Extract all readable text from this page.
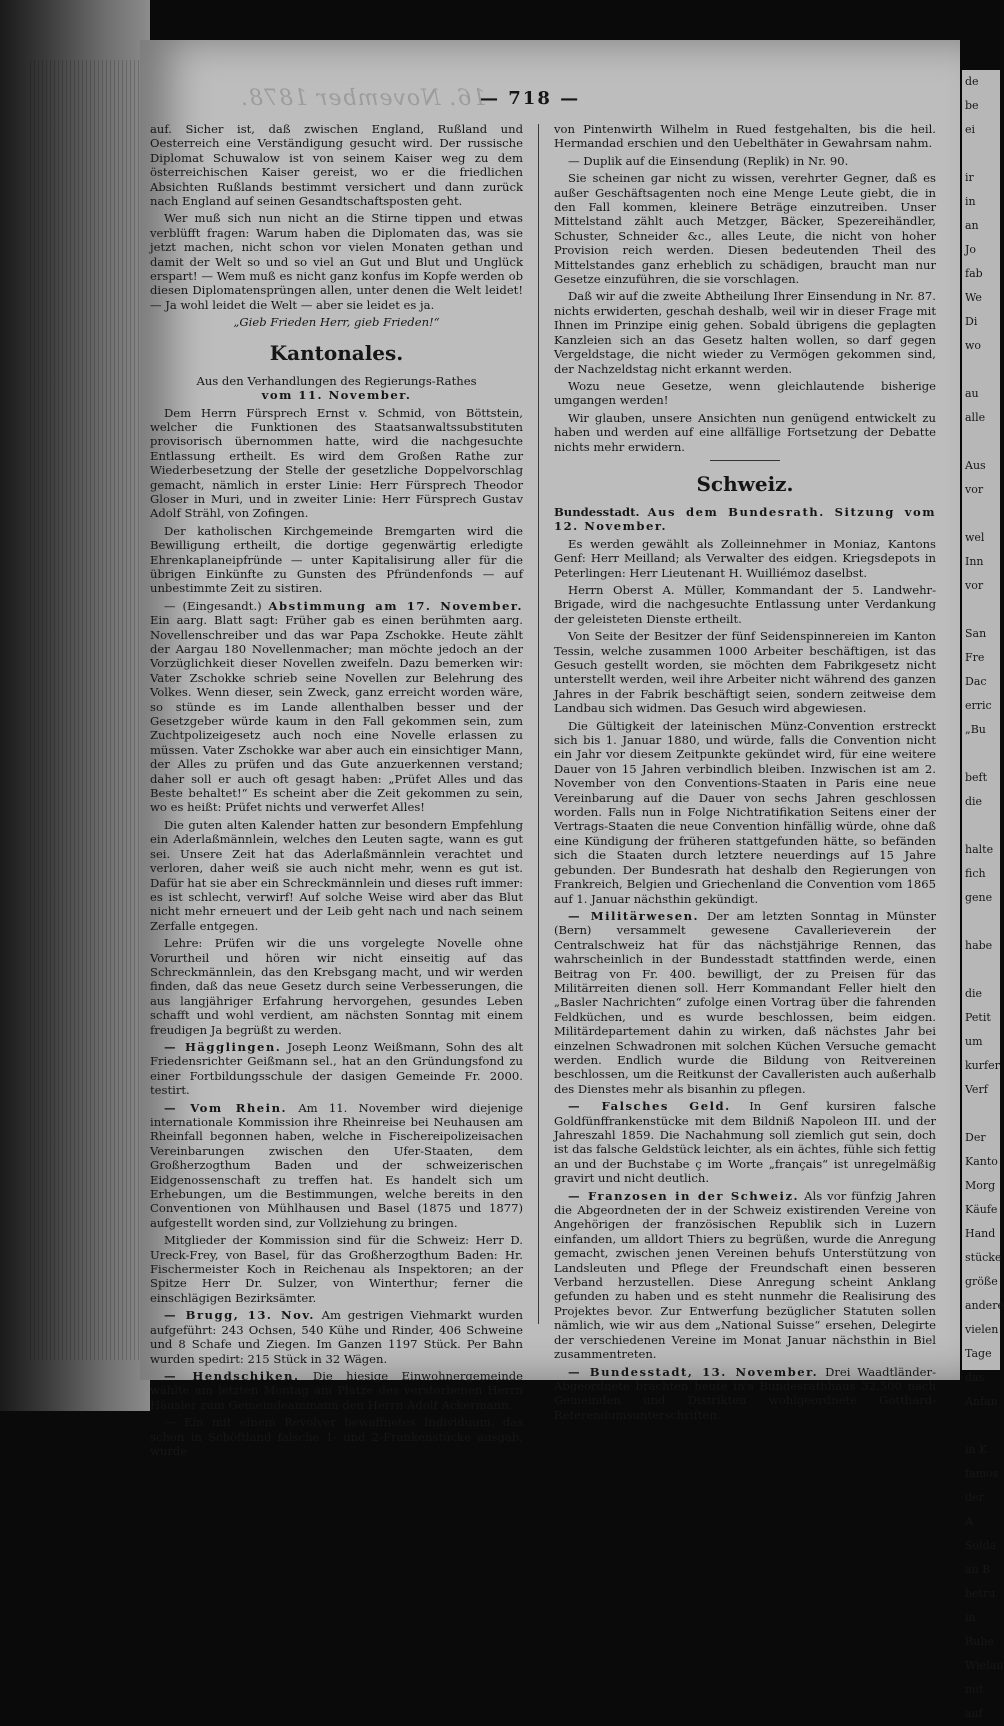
16. November 1878.
— 718 —

auf. Sicher ist, daß zwischen England, Rußland und Oesterreich eine Verständigung gesucht wird. Der russische Diplomat Schuwalow ist von seinem Kaiser weg zu dem österreichischen Kaiser gereist, wo er die friedlichen Absichten Rußlands bestimmt versichert und dann zurück nach England auf seinen Gesandtschaftsposten geht.

Wer muß sich nun nicht an die Stirne tippen und etwas verblüfft fragen: Warum haben die Diplomaten das, was sie jetzt machen, nicht schon vor vielen Monaten gethan und damit der Welt so und so viel an Gut und Blut und Unglück erspart! — Wem muß es nicht ganz konfus im Kopfe werden ob diesen Diplomatensprüngen allen, unter denen die Welt leidet! — Ja wohl leidet die Welt — aber sie leidet es ja.

„Gieb Frieden Herr, gieb Frieden!“

Kantonales.

Aus den Verhandlungen des Regierungs-Rathes
vom 11. November.

Dem Herrn Fürsprech Ernst v. Schmid, von Böttstein, welcher die Funktionen des Staatsanwaltssubstituten provisorisch übernommen hatte, wird die nachgesuchte Entlassung ertheilt. Es wird dem Großen Rathe zur Wiederbesetzung der Stelle der gesetzliche Doppelvorschlag gemacht, nämlich in erster Linie: Herr Fürsprech Theodor Gloser in Muri, und in zweiter Linie: Herr Fürsprech Gustav Adolf Strähl, von Zofingen.

Der katholischen Kirchgemeinde Bremgarten wird die Bewilligung ertheilt, die dortige gegenwärtig erledigte Ehrenkaplaneipfründe — unter Kapitalisirung aller für die übrigen Einkünfte zu Gunsten des Pfründenfonds — auf unbestimmte Zeit zu sistiren.

— (Eingesandt.) Abstimmung am 17. November. Ein aarg. Blatt sagt: Früher gab es einen berühmten aarg. Novellenschreiber und das war Papa Zschokke. Heute zählt der Aargau 180 Novellenmacher; man möchte jedoch an der Vorzüglichkeit dieser Novellen zweifeln. Dazu bemerken wir: Vater Zschokke schrieb seine Novellen zur Belehrung des Volkes. Wenn dieser, sein Zweck, ganz erreicht worden wäre, so stünde es im Lande allenthalben besser und der Gesetzgeber würde kaum in den Fall gekommen sein, zum Zuchtpolizeigesetz auch noch eine Novelle erlassen zu müssen. Vater Zschokke war aber auch ein einsichtiger Mann, der Alles zu prüfen und das Gute anzuerkennen verstand; daher soll er auch oft gesagt haben: „Prüfet Alles und das Beste behaltet!“ Es scheint aber die Zeit gekommen zu sein, wo es heißt: Prüfet nichts und verwerfet Alles!

Die guten alten Kalender hatten zur besondern Empfehlung ein Aderlaßmännlein, welches den Leuten sagte, wann es gut sei. Unsere Zeit hat das Aderlaßmännlein verachtet und verloren, daher weiß sie auch nicht mehr, wenn es gut ist. Dafür hat sie aber ein Schreckmännlein und dieses ruft immer: es ist schlecht, verwirf! Auf solche Weise wird aber das Blut nicht mehr erneuert und der Leib geht nach und nach seinem Zerfalle entgegen.

Lehre: Prüfen wir die uns vorgelegte Novelle ohne Vorurtheil und hören wir nicht einseitig auf das Schreckmännlein, das den Krebsgang macht, und wir werden finden, daß das neue Gesetz durch seine Verbesserungen, die aus langjähriger Erfahrung hervorgehen, gesundes Leben schafft und wohl verdient, am nächsten Sonntag mit einem freudigen Ja begrüßt zu werden.

— Hägglingen. Joseph Leonz Weißmann, Sohn des alt Friedensrichter Geißmann sel., hat an den Gründungsfond zu einer Fortbildungsschule der dasigen Gemeinde Fr. 2000. testirt.

— Vom Rhein. Am 11. November wird diejenige internationale Kommission ihre Rheinreise bei Neuhausen am Rheinfall begonnen haben, welche in Fischereipolizeisachen Vereinbarungen zwischen den Ufer-Staaten, dem Großherzogthum Baden und der schweizerischen Eidgenossenschaft zu treffen hat. Es handelt sich um Erhebungen, um die Bestimmungen, welche bereits in den Conventionen von Mühlhausen und Basel (1875 und 1877) aufgestellt worden sind, zur Vollziehung zu bringen.

Mitglieder der Kommission sind für die Schweiz: Herr D. Ureck-Frey, von Basel, für das Großherzogthum Baden: Hr. Fischermeister Koch in Reichenau als Inspektoren; an der Spitze Herr Dr. Sulzer, von Winterthur; ferner die einschlägigen Bezirksämter.

— Brugg, 13. Nov. Am gestrigen Viehmarkt wurden aufgeführt: 243 Ochsen, 540 Kühe und Rinder, 406 Schweine und 8 Schafe und Ziegen. Im Ganzen 1197 Stück. Per Bahn wurden spedirt: 215 Stück in 32 Wägen.

— Hendschiken. Die hiesige Einwohnergemeinde wählte am letzten Montag am Platze des verstorbenen Herrn Häusler zum Gemeindeammann den Herrn Adolf Ackermann.

— Ein mit einem Revolver bewaffnetes Individuum, das schon in Schöftland falsche 1- und 2-Frankenstücke ausgab, wurde

von Pintenwirth Wilhelm in Rued festgehalten, bis die heil. Hermandad erschien und den Uebelthäter in Gewahrsam nahm.

— Duplik auf die Einsendung (Replik) in Nr. 90.

Sie scheinen gar nicht zu wissen, verehrter Gegner, daß es außer Geschäftsagenten noch eine Menge Leute giebt, die in den Fall kommen, kleinere Beträge einzutreiben. Unser Mittelstand zählt auch Metzger, Bäcker, Spezereihändler, Schuster, Schneider &c., alles Leute, die nicht von hoher Provision reich werden. Diesen bedeutenden Theil des Mittelstandes ganz erheblich zu schädigen, braucht man nur Gesetze einzuführen, die sie vorschlagen.

Daß wir auf die zweite Abtheilung Ihrer Einsendung in Nr. 87. nichts erwiderten, geschah deshalb, weil wir in dieser Frage mit Ihnen im Prinzipe einig gehen. Sobald übrigens die geplagten Kanzleien sich an das Gesetz halten wollen, so darf gegen Vergeldstage, die nicht wieder zu Vermögen gekommen sind, der Nachzeldstag nicht erkannt werden.

Wozu neue Gesetze, wenn gleichlautende bisherige umgangen werden!

Wir glauben, unsere Ansichten nun genügend entwickelt zu haben und werden auf eine allfällige Fortsetzung der Debatte nichts mehr erwidern.

Schweiz.

Bundesstadt. Aus dem Bundesrath. Sitzung vom 12. November.

Es werden gewählt als Zolleinnehmer in Moniaz, Kantons Genf: Herr Meilland; als Verwalter des eidgen. Kriegsdepots in Peterlingen: Herr Lieutenant H. Wuilliémoz daselbst.

Herrn Oberst A. Müller, Kommandant der 5. Landwehr-Brigade, wird die nachgesuchte Entlassung unter Verdankung der geleisteten Dienste ertheilt.

Von Seite der Besitzer der fünf Seidenspinnereien im Kanton Tessin, welche zusammen 1000 Arbeiter beschäftigen, ist das Gesuch gestellt worden, sie möchten dem Fabrikgesetz nicht unterstellt werden, weil ihre Arbeiter nicht während des ganzen Jahres in der Fabrik beschäftigt seien, sondern zeitweise dem Landbau sich widmen. Das Gesuch wird abgewiesen.

Die Gültigkeit der lateinischen Münz-Convention erstreckt sich bis 1. Januar 1880, und würde, falls die Convention nicht ein Jahr vor diesem Zeitpunkte gekündet wird, für eine weitere Dauer von 15 Jahren verbindlich bleiben. Inzwischen ist am 2. November von den Conventions-Staaten in Paris eine neue Vereinbarung auf die Dauer von sechs Jahren geschlossen worden. Falls nun in Folge Nichtratifikation Seitens einer der Vertrags-Staaten die neue Convention hinfällig würde, ohne daß eine Kündigung der früheren stattgefunden hätte, so befänden sich die Staaten durch letztere neuerdings auf 15 Jahre gebunden. Der Bundesrath hat deshalb den Regierungen von Frankreich, Belgien und Griechenland die Convention vom 1865 auf 1. Januar nächsthin gekündigt.

— Militärwesen. Der am letzten Sonntag in Münster (Bern) versammelt gewesene Cavallerieverein der Centralschweiz hat für das nächstjährige Rennen, das wahrscheinlich in der Bundesstadt stattfinden werde, einen Beitrag von Fr. 400. bewilligt, der zu Preisen für das Militärreiten dienen soll. Herr Kommandant Feller hielt den „Basler Nachrichten“ zufolge einen Vortrag über die fahrenden Feldküchen, und es wurde beschlossen, beim eidgen. Militärdepartement dahin zu wirken, daß nächstes Jahr bei einzelnen Schwadronen mit solchen Küchen Versuche gemacht werden. Endlich wurde die Bildung von Reitvereinen beschlossen, um die Reitkunst der Cavalleristen auch außerhalb des Dienstes mehr als bisanhin zu pflegen.

— Falsches Geld. In Genf kursiren falsche Goldfünffrankenstücke mit dem Bildniß Napoleon III. und der Jahreszahl 1859. Die Nachahmung soll ziemlich gut sein, doch ist das falsche Geldstück leichter, als ein ächtes, fühle sich fettig an und der Buchstabe ç im Worte „français“ ist unregelmäßig gravirt und nicht deutlich.

— Franzosen in der Schweiz. Als vor fünfzig Jahren die Abgeordneten der in der Schweiz existirenden Vereine von Angehörigen der französischen Republik sich in Luzern einfanden, um alldort Thiers zu begrüßen, wurde die Anregung gemacht, zwischen jenen Vereinen behufs Unterstützung von Landsleuten und Pflege der Freundschaft einen besseren Verband herzustellen. Diese Anregung scheint Anklang gefunden zu haben und es steht nunmehr die Realisirung des Projektes bevor. Zur Entwerfung bezüglicher Statuten sollen nämlich, wie wir aus dem „National Suisse“ ersehen, Delegirte der verschiedenen Vereine im Monat Januar nächsthin in Biel zusammentreten.

— Bundesstadt, 13. November. Drei Waadtländer-Abgeordnete brachten heute in's Bundesrathhaus 32,500 nach Gemeinden und Distrikten wohlgeordnete Gotthard-Referendumsunterschriften.

de
be
ei

ir
in
an
Jo
fab
We
Di
wo

au
alle

Aus
vor

wel
Inn
vor

San
Fre
Dac
erric
„Bu

beft
die

halte
fich
gene

habe

die
Petit
um
kurfer
Verf

Der
Kanto
Morg
Käufe
Hand
stücke
größe
andere
vielen
Tage
das
Anfan

in K
famos
der
A
Solda
an B
betru
in
Ruhe
Wielan
mit
auf
